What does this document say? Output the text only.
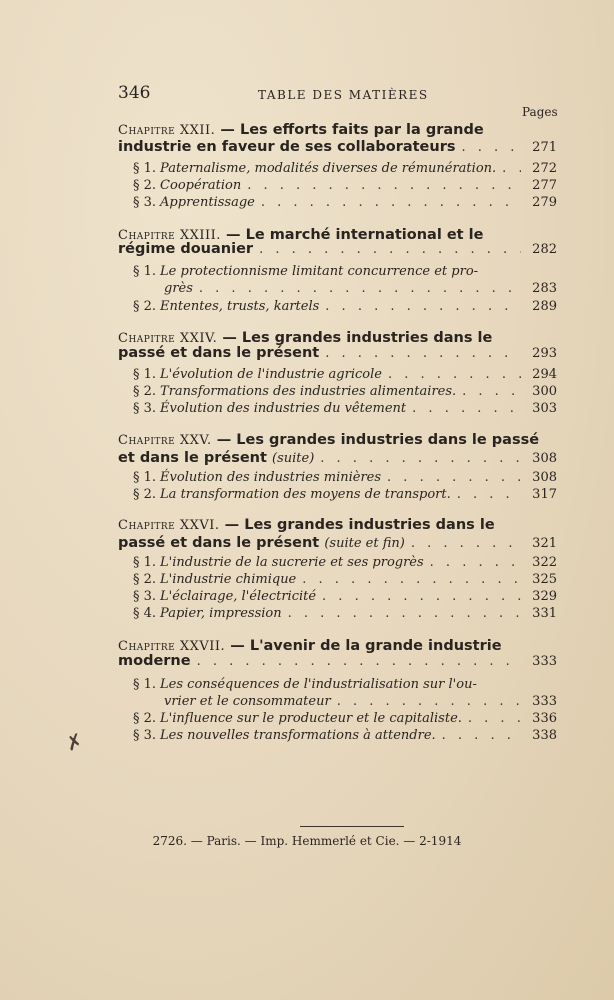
346	TABLE DES MATIÈRES
Pages
Chapitre XXII.
— Les efforts faits par la grande
industrie en faveur de ses collaborateurs . . .	271
§ 1. Paternalisme, modalités diverses de rémunération. . . .	272
§ 2. Coopération . . .	277
§ 3. Apprentissage . . .	279
Chapitre XXIII.
— Le marché international et le
régime douanier . . .	282
§ 1. Le protectionnisme limitant concurrence et pro-
grès . . .	283
§ 2. Ententes, trusts, kartels . . .	289
Chapitre XXIV.
— Les grandes industries dans le
passé et dans le présent . . .	293
§ 1. L'évolution de l'industrie agricole . . .	294
§ 2. Transformations des industries alimentaires. . . .	300
§ 3. Évolution des industries du vêtement . . .	303
Chapitre XXV.
— Les grandes industries dans le passé
et dans le présent
(suite) . . .	308
§ 1. Évolution des industries minières . . .	308
§ 2. La transformation des moyens de transport. . . .	317
Chapitre XXVI.
— Les grandes industries dans le
passé et dans le présent
(suite et fin) . . .	321
§ 1. L'industrie de la sucrerie et ses progrès . . .	322
§ 2. L'industrie chimique . . .	325
§ 3. L'éclairage, l'électricité . . .	329
§ 4. Papier, impression . . .	331
Chapitre XXVII.
— L'avenir de la grande industrie
moderne . . .	333
§ 1. Les conséquences de l'industrialisation sur l'ou-
vrier et le consommateur . . .	333
§ 2. L'influence sur le producteur et le capitaliste. . . .	336
§ 3. Les nouvelles transformations à attendre. . . .	338
✗
2726. — Paris. — Imp. Hemmerlé et Cie. — 2-1914
